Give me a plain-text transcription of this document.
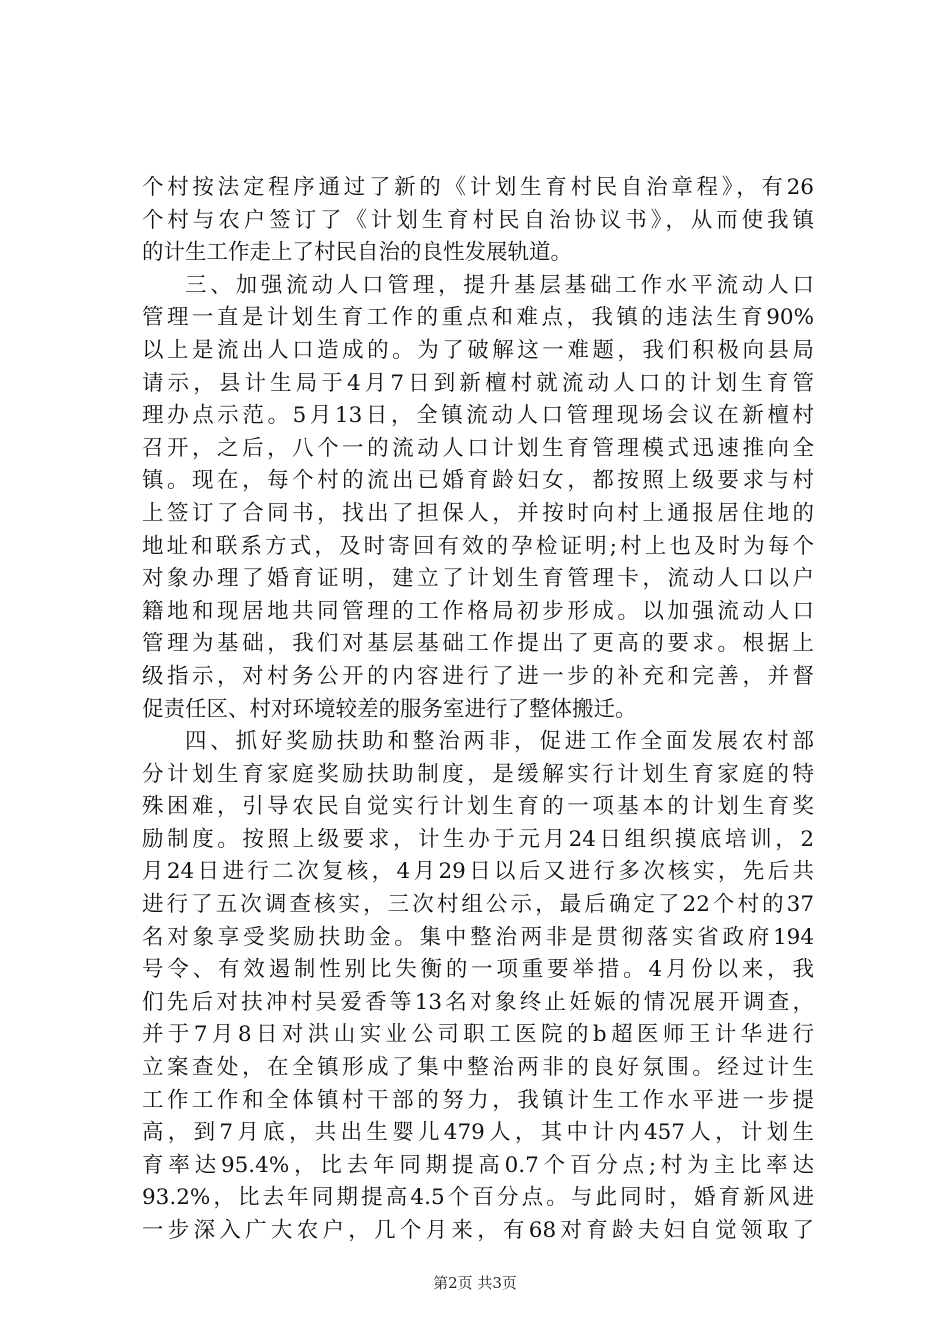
个村按法定程序通过了新的《计划生育村民自治章程》，有26
个村与农户签订了《计划生育村民自治协议书》，从而使我镇
的计生工作走上了村民自治的良性发展轨道。
三、加强流动人口管理，提升基层基础工作水平流动人口
管理一直是计划生育工作的重点和难点，我镇的违法生育90%
以上是流出人口造成的。为了破解这一难题，我们积极向县局
请示，县计生局于4月7日到新檀村就流动人口的计划生育管
理办点示范。5月13日，全镇流动人口管理现场会议在新檀村
召开，之后，八个一的流动人口计划生育管理模式迅速推向全
镇。现在，每个村的流出已婚育龄妇女，都按照上级要求与村
上签订了合同书，找出了担保人，并按时向村上通报居住地的
地址和联系方式，及时寄回有效的孕检证明;村上也及时为每个
对象办理了婚育证明，建立了计划生育管理卡，流动人口以户
籍地和现居地共同管理的工作格局初步形成。以加强流动人口
管理为基础，我们对基层基础工作提出了更高的要求。根据上
级指示，对村务公开的内容进行了进一步的补充和完善，并督
促责任区、村对环境较差的服务室进行了整体搬迁。
四、抓好奖励扶助和整治两非，促进工作全面发展农村部
分计划生育家庭奖励扶助制度，是缓解实行计划生育家庭的特
殊困难，引导农民自觉实行计划生育的一项基本的计划生育奖
励制度。按照上级要求，计生办于元月24日组织摸底培训，2
月24日进行二次复核，4月29日以后又进行多次核实，先后共
进行了五次调查核实，三次村组公示，最后确定了22个村的37
名对象享受奖励扶助金。集中整治两非是贯彻落实省政府194
号令、有效遏制性别比失衡的一项重要举措。4月份以来，我
们先后对扶冲村吴爱香等13名对象终止妊娠的情况展开调查，
并于7月8日对洪山实业公司职工医院的b超医师王计华进行
立案查处，在全镇形成了集中整治两非的良好氛围。经过计生
工作工作和全体镇村干部的努力，我镇计生工作水平进一步提
高，到7月底，共出生婴儿479人，其中计内457人，计划生
育率达95.4%，比去年同期提高0.7个百分点;村为主比率达
93.2%，比去年同期提高4.5个百分点。与此同时，婚育新风进
一步深入广大农户，几个月来，有68对育龄夫妇自觉领取了
第2页 共3页
